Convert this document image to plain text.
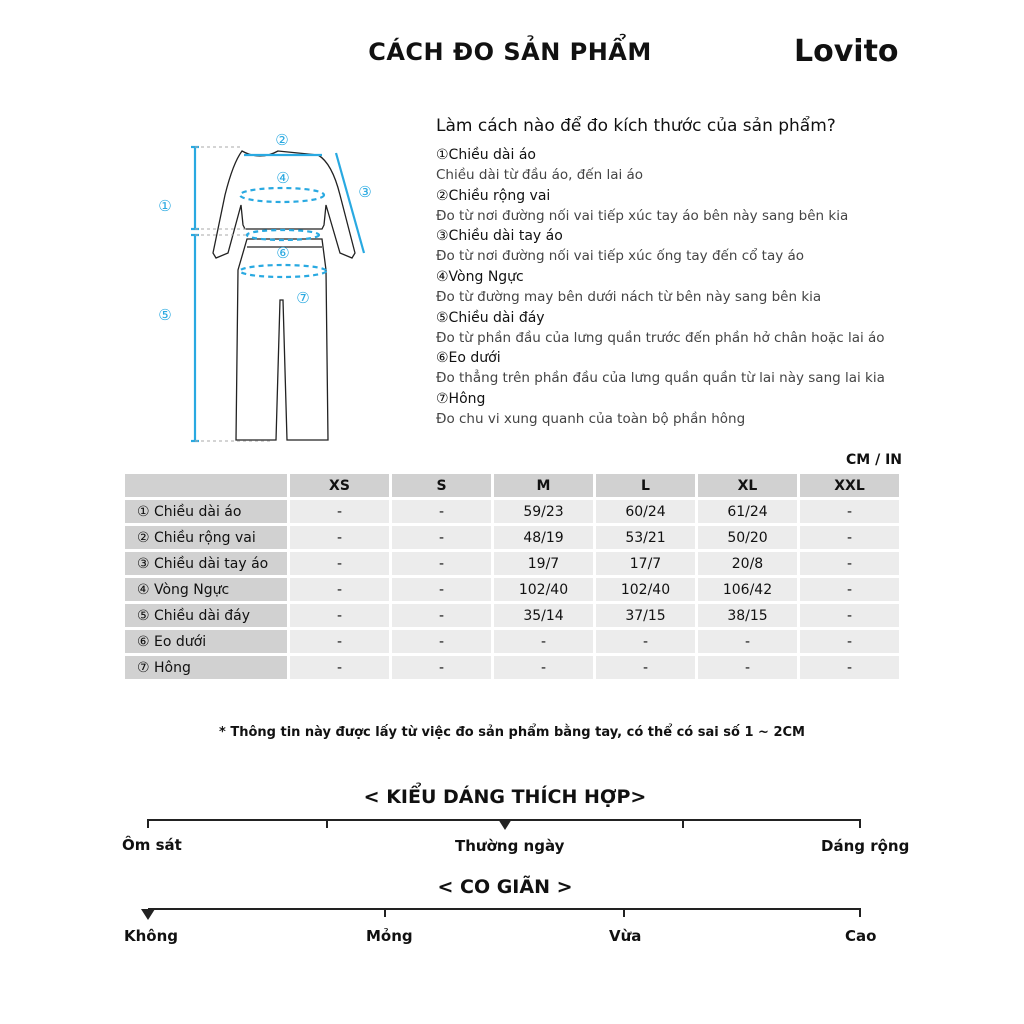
CÁCH ĐO SẢN PHẨM	Lovito
①
②
③
④
⑤
⑥
⑦
Làm cách nào để đo kích thước của sản phẩm?
①Chiều dài áo
Chiều dài từ đầu áo, đến lai áo
②Chiều rộng vai
Đo từ nơi đường nối vai tiếp xúc tay áo bên này sang bên kia
③Chiều dài tay áo
Đo từ nơi đường nối vai tiếp xúc ống tay đến cổ tay áo
④Vòng Ngực
Đo từ đường may bên dưới nách từ bên này sang bên kia
⑤Chiều dài đáy
Đo từ phần đầu của lưng quần trước đến phần hở chân hoặc lai áo
⑥Eo dưới
Đo thẳng trên phần đầu của lưng quần quần từ lai này sang lai kia
⑦Hông
Đo chu vi xung quanh của toàn bộ phần hông
CM / IN
	XS	S	M	L	XL	XXL
① Chiều dài áo	-	-	59/23	60/24	61/24	-
② Chiều rộng vai	-	-	48/19	53/21	50/20	-
③ Chiều dài tay áo	-	-	19/7	17/7	20/8	-
④ Vòng Ngực	-	-	102/40	102/40	106/42	-
⑤ Chiều dài đáy	-	-	35/14	37/15	38/15	-
⑥ Eo dưới	-	-	-	-	-	-
⑦ Hông	-	-	-	-	-	-
* Thông tin này được lấy từ việc đo sản phẩm bằng tay, có thể có sai số 1 ~ 2CM
< KIỂU DÁNG THÍCH HỢP>
Ôm sát	Thường ngày	Dáng rộng
< CO GIÃN >
Không	Mỏng	Vừa	Cao
